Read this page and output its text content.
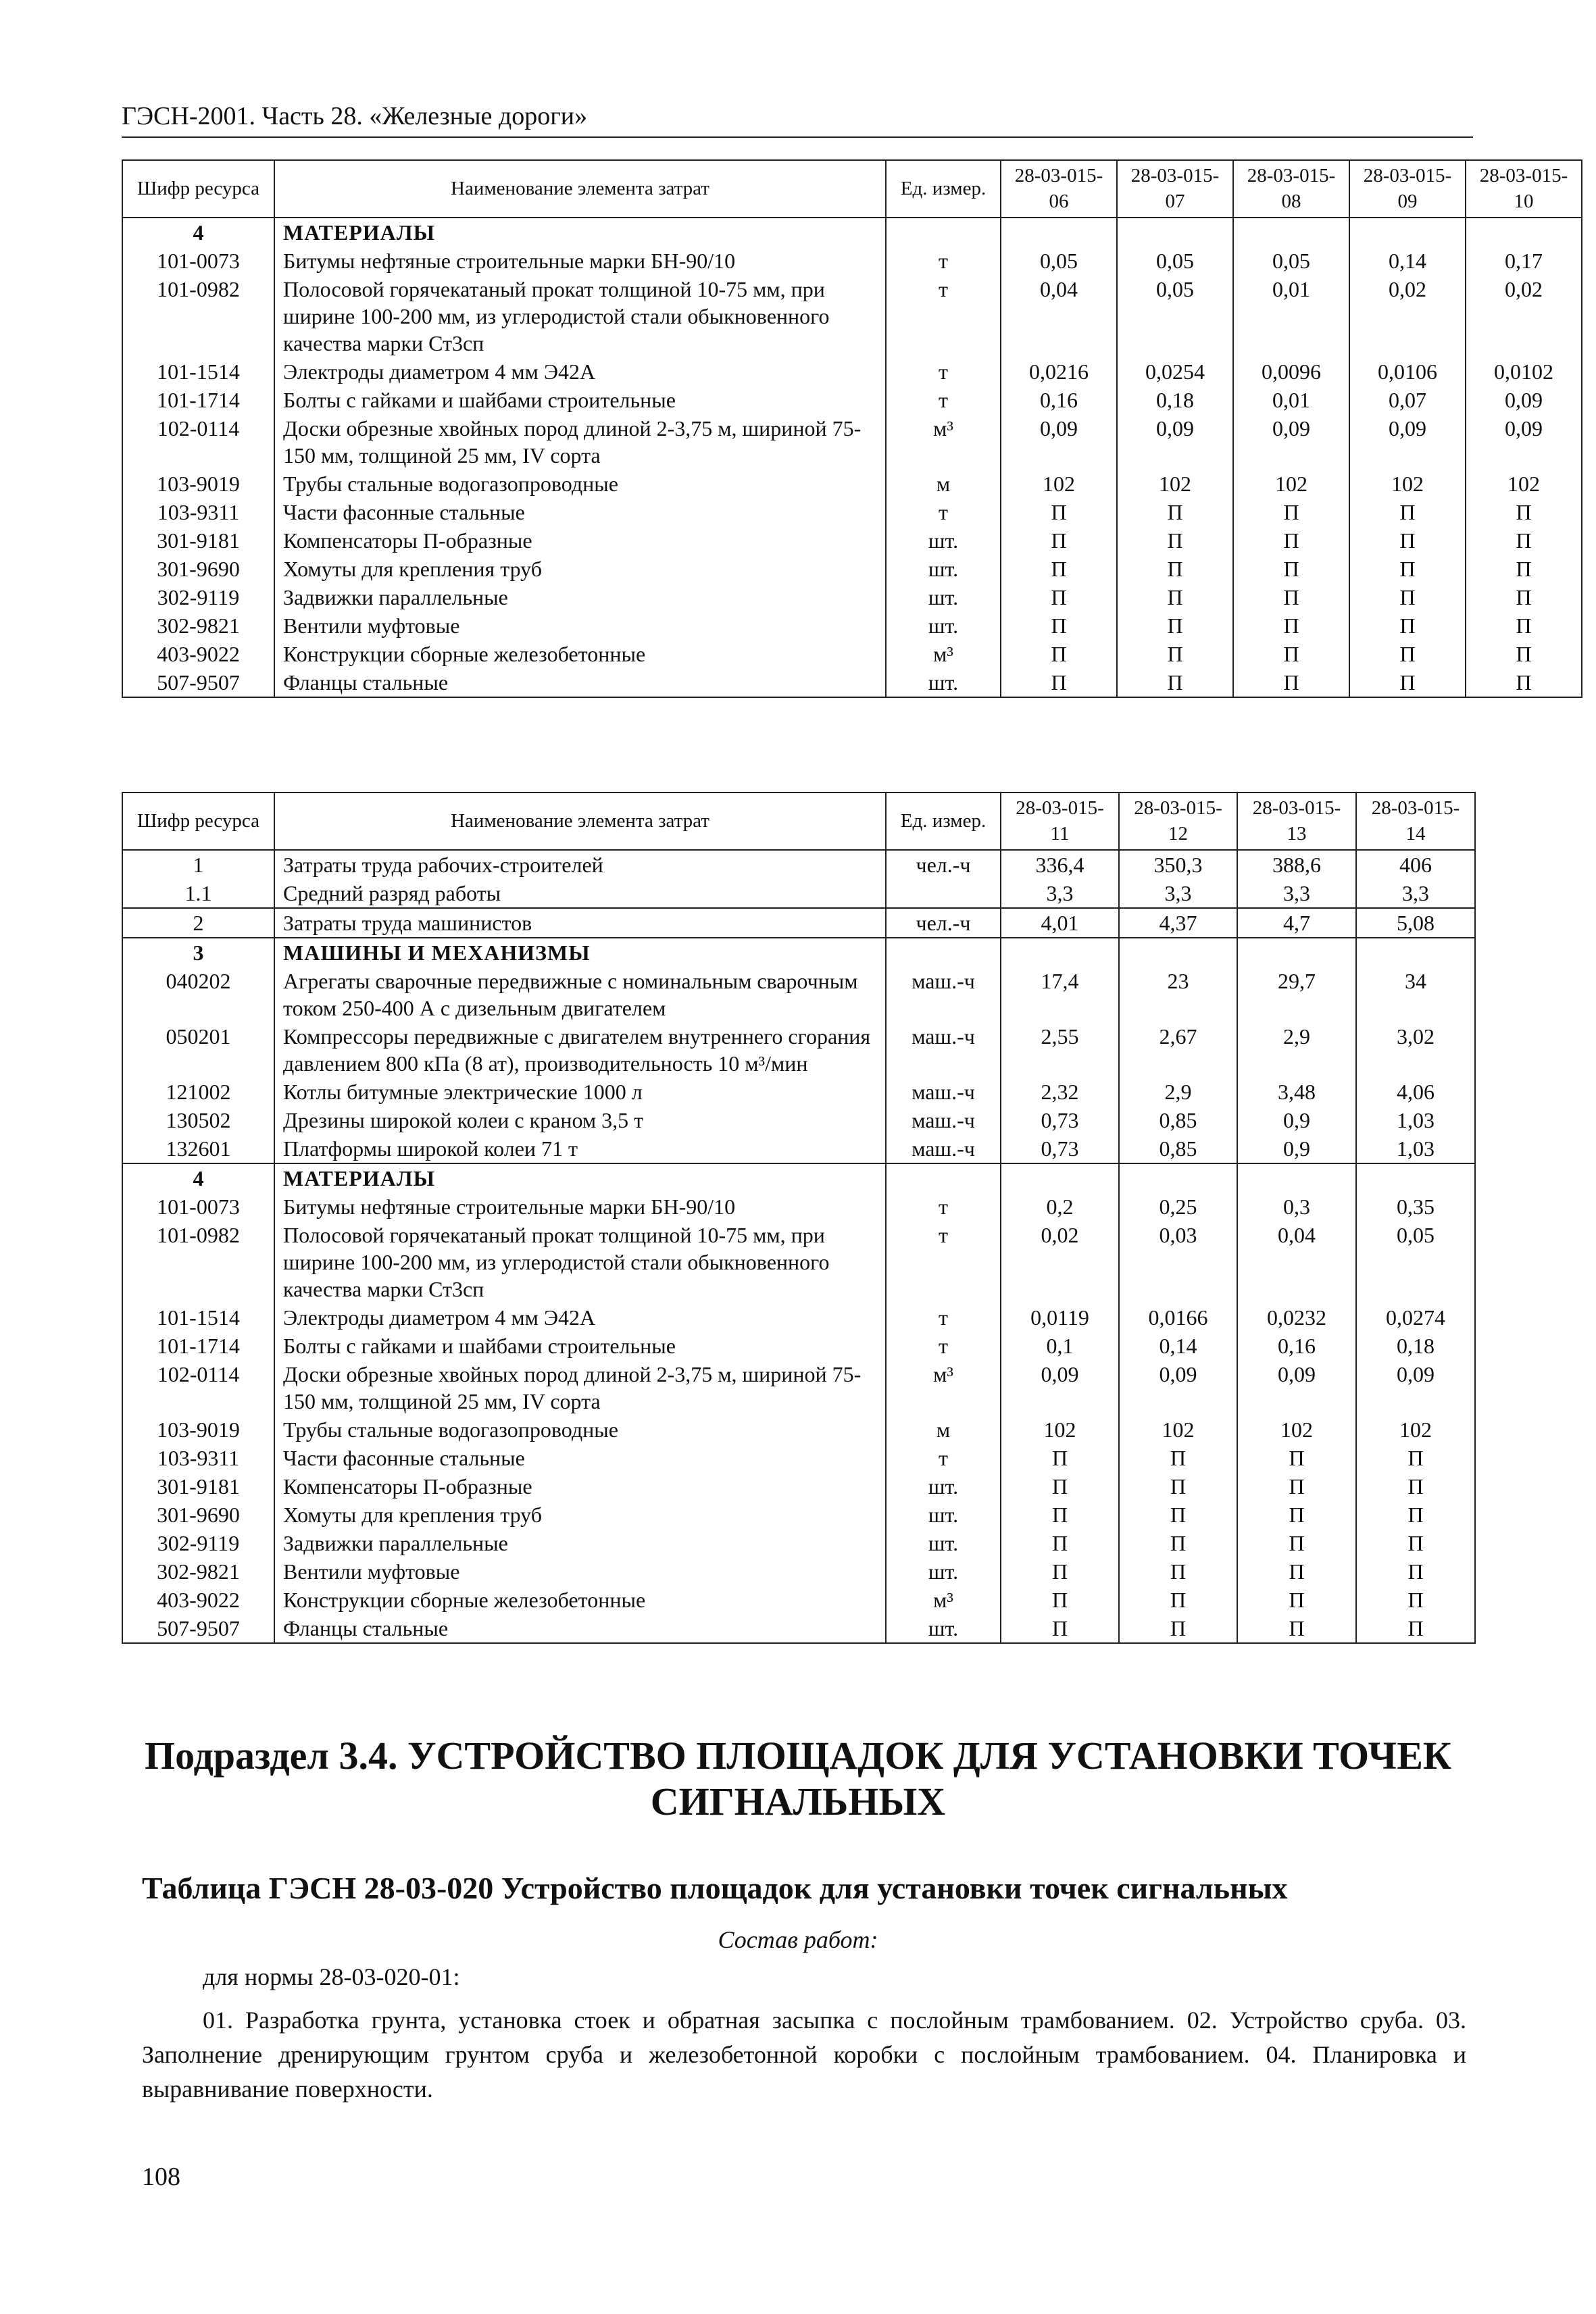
ГЭСН-2001. Часть 28. «Железные дороги»
Шифр ресурса	Наименование элемента затрат	Ед. измер.	28-03-015-06	28-03-015-07	28-03-015-08	28-03-015-09	28-03-015-10
4	МАТЕРИАЛЫ						
101-0073	Битумы нефтяные строительные марки БН-90/10	т	0,05	0,05	0,05	0,14	0,17
101-0982	Полосовой горячекатаный прокат толщиной 10-75 мм, при ширине 100-200 мм, из углеродистой стали обыкновенного качества марки Ст3сп	т	0,04	0,05	0,01	0,02	0,02
101-1514	Электроды диаметром 4 мм Э42А	т	0,0216	0,0254	0,0096	0,0106	0,0102
101-1714	Болты с гайками и шайбами строительные	т	0,16	0,18	0,01	0,07	0,09
102-0114	Доски обрезные хвойных пород длиной 2-3,75 м, шириной 75-150 мм, толщиной 25 мм, IV сорта	м³	0,09	0,09	0,09	0,09	0,09
103-9019	Трубы стальные водогазопроводные	м	102	102	102	102	102
103-9311	Части фасонные стальные	т	П	П	П	П	П
301-9181	Компенсаторы П-образные	шт.	П	П	П	П	П
301-9690	Хомуты для крепления труб	шт.	П	П	П	П	П
302-9119	Задвижки параллельные	шт.	П	П	П	П	П
302-9821	Вентили муфтовые	шт.	П	П	П	П	П
403-9022	Конструкции сборные железобетонные	м³	П	П	П	П	П
507-9507	Фланцы стальные	шт.	П	П	П	П	П
Шифр ресурса	Наименование элемента затрат	Ед. измер.	28-03-015-11	28-03-015-12	28-03-015-13	28-03-015-14
1	Затраты труда рабочих-строителей	чел.-ч	336,4	350,3	388,6	406
1.1	Средний разряд работы		3,3	3,3	3,3	3,3
2	Затраты труда машинистов	чел.-ч	4,01	4,37	4,7	5,08
3	МАШИНЫ И МЕХАНИЗМЫ					
040202	Агрегаты сварочные передвижные с номинальным сварочным током 250-400 А с дизельным двигателем	маш.-ч	17,4	23	29,7	34
050201	Компрессоры передвижные с двигателем внутреннего сгорания давлением 800 кПа (8 ат), производительность 10 м³/мин	маш.-ч	2,55	2,67	2,9	3,02
121002	Котлы битумные электрические 1000 л	маш.-ч	2,32	2,9	3,48	4,06
130502	Дрезины широкой колеи с краном 3,5 т	маш.-ч	0,73	0,85	0,9	1,03
132601	Платформы широкой колеи 71 т	маш.-ч	0,73	0,85	0,9	1,03
4	МАТЕРИАЛЫ					
101-0073	Битумы нефтяные строительные марки БН-90/10	т	0,2	0,25	0,3	0,35
101-0982	Полосовой горячекатаный прокат толщиной 10-75 мм, при ширине 100-200 мм, из углеродистой стали обыкновенного качества марки Ст3сп	т	0,02	0,03	0,04	0,05
101-1514	Электроды диаметром 4 мм Э42А	т	0,0119	0,0166	0,0232	0,0274
101-1714	Болты с гайками и шайбами строительные	т	0,1	0,14	0,16	0,18
102-0114	Доски обрезные хвойных пород длиной 2-3,75 м, шириной 75-150 мм, толщиной 25 мм, IV сорта	м³	0,09	0,09	0,09	0,09
103-9019	Трубы стальные водогазопроводные	м	102	102	102	102
103-9311	Части фасонные стальные	т	П	П	П	П
301-9181	Компенсаторы П-образные	шт.	П	П	П	П
301-9690	Хомуты для крепления труб	шт.	П	П	П	П
302-9119	Задвижки параллельные	шт.	П	П	П	П
302-9821	Вентили муфтовые	шт.	П	П	П	П
403-9022	Конструкции сборные железобетонные	м³	П	П	П	П
507-9507	Фланцы стальные	шт.	П	П	П	П
Подраздел 3.4. УСТРОЙСТВО ПЛОЩАДОК ДЛЯ УСТАНОВКИ ТОЧЕК СИГНАЛЬНЫХ
Таблица ГЭСН 28-03-020 Устройство площадок для установки точек сигнальных
Состав работ:
для нормы 28-03-020-01:
01. Разработка грунта, установка стоек и обратная засыпка с послойным трамбованием. 02. Устройство сруба. 03. Заполнение дренирующим грунтом сруба и железобетонной коробки с послойным трамбованием. 04. Планировка и выравнивание поверхности.
108
